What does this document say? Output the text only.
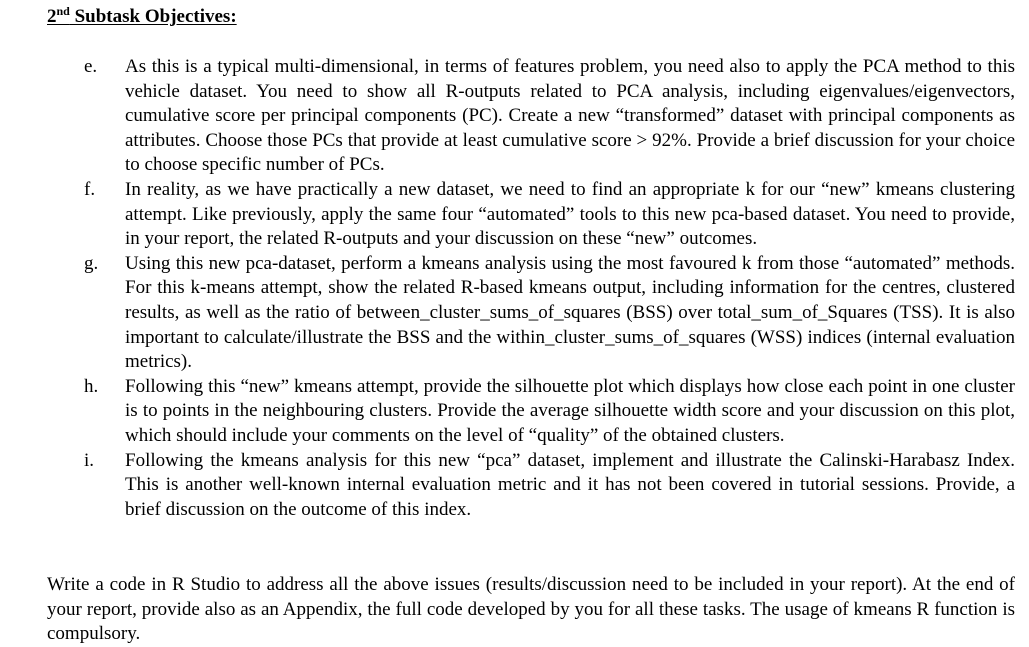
2nd Subtask Objectives:
e. As this is a typical multi-dimensional, in terms of features problem, you need also to apply the PCA method to this vehicle dataset. You need to show all R-outputs related to PCA analysis, including eigenvalues/eigenvectors, cumulative score per principal components (PC). Create a new “transformed” dataset with principal components as attributes. Choose those PCs that provide at least cumulative score > 92%. Provide a brief discussion for your choice to choose specific number of PCs.
f. In reality, as we have practically a new dataset, we need to find an appropriate k for our “new” kmeans clustering attempt. Like previously, apply the same four “automated” tools to this new pca-based dataset. You need to provide, in your report, the related R-outputs and your discussion on these “new” outcomes.
g. Using this new pca-dataset, perform a kmeans analysis using the most favoured k from those “automated” methods. For this k-means attempt, show the related R-based kmeans output, including information for the centres, clustered results, as well as the ratio of between_cluster_sums_of_squares (BSS) over total_sum_of_Squares (TSS). It is also important to calculate/illustrate the BSS and the within_cluster_sums_of_squares (WSS) indices (internal evaluation metrics).
h. Following this “new” kmeans attempt, provide the silhouette plot which displays how close each point in one cluster is to points in the neighbouring clusters. Provide the average silhouette width score and your discussion on this plot, which should include your comments on the level of “quality” of the obtained clusters.
i. Following the kmeans analysis for this new “pca” dataset, implement and illustrate the Calinski-Harabasz Index. This is another well-known internal evaluation metric and it has not been covered in tutorial sessions. Provide, a brief discussion on the outcome of this index.
Write a code in R Studio to address all the above issues (results/discussion need to be included in your report). At the end of your report, provide also as an Appendix, the full code developed by you for all these tasks. The usage of kmeans R function is compulsory.
